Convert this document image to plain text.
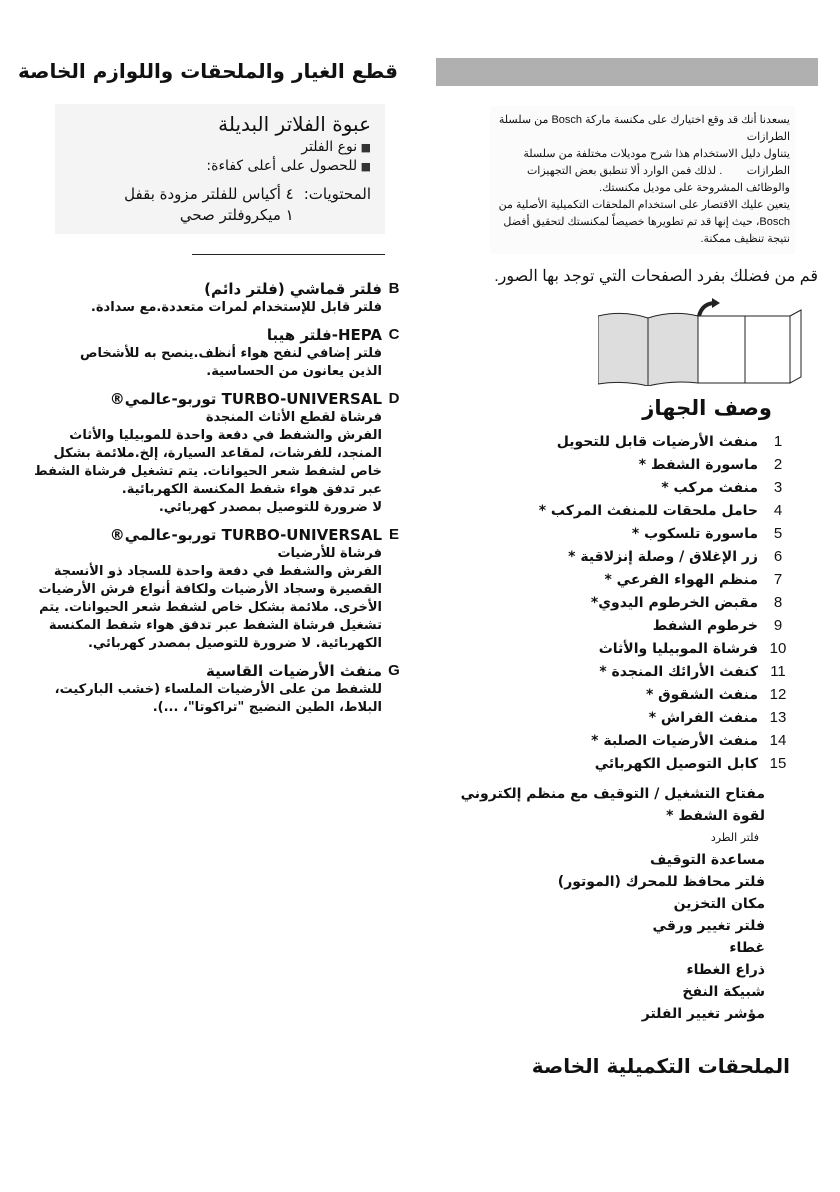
قطع الغيار والملحقات واللوازم الخاصة
عبوة الفلاتر البديلة
■ نوع الفلتر
■ للحصول على أعلى كفاءة:
المحتويات:
٤ أكياس للفلتر مزودة بقفل
١ ميكروفلتر صحي
B
فلتر قماشي (فلتر دائم)
فلتر قابل للإستخدام لمرات متعددة.مع سدادة.
C
HEPA-فلتر هيبا
فلتر إضافي لنفح هواء أنظف.ينصح به للأشخاص
الذين يعانون من الحساسية.
D
TURBO-UNIVERSAL توربو-عالمي®
فرشاة لقطع الأثاث المنجدة
الفرش والشفط في دفعة واحدة للموبيليا والأثاث
المنجد، للفرشات، لمقاعد السيارة، إلخ.ملائمة بشكل
خاص لشفط شعر الحيوانات. يتم تشغيل فرشاة الشفط
عبر تدفق هواء شفط المكنسة الكهربائية.
لا ضرورة للتوصيل بمصدر كهربائي.
E
TURBO-UNIVERSAL توربو-عالمي®
فرشاة للأرضيات
الفرش والشفط في دفعة واحدة للسجاد ذو الأنسجة
القصيرة وسجاد الأرضيات ولكافة أنواع فرش الأرضيات
الأخرى. ملائمة بشكل خاص لشفط شعر الحيوانات. يتم
تشغيل فرشاة الشفط عبر تدفق هواء شفط المكنسة
الكهربائية. لا ضرورة للتوصيل بمصدر كهربائي.
G
منفث الأرضيات القاسية
للشفط من على الأرضيات الملساء (خشب الباركيت،
البلاط، الطين النضيج "تراكوتا"، ...).
يسعدنا أنك قد وقع اختيارك على مكنسة ماركة Bosch من سلسلة
الطرازات
يتناول دليل الاستخدام هذا شرح موديلات مختلفة من سلسلة
الطرازات        . لذلك فمن الوارد ألا تنطبق بعض التجهيزات
والوظائف المشروحة على موديل مكنستك.
يتعين عليك الاقتصار على استخدام الملحقات التكميلية الأصلية من
Bosch، حيث إنها قد تم تطويرها خصيصاً لمكنستك لتحقيق أفضل
نتيجة تنظيف ممكنة.
قم من فضلك بفرد الصفحات التي توجد بها الصور.
وصف الجهاز
1
منفث الأرضيات قابل للتحويل
2
ماسورة الشفط *
3
منفث مركب *
4
حامل ملحقات للمنفث المركب *
5
ماسورة تلسكوب *
6
زر الإغلاق / وصلة إنزلاقية *
7
منظم الهواء الفرعي *
8
مقبض الخرطوم اليدوي*
9
خرطوم الشفط
10
فرشاة الموبيليا والأثاث
11
كنفث الأرائك المنجدة *
12
منفث الشقوق *
13
منفث الفراش *
14
منفث الأرضيات الصلبة *
15
كابل التوصيل الكهربائي
مفتاح التشغيل / التوقيف مع منظم إلكتروني
لقوة الشفط *
فلتر الطرد
مساعدة التوقيف
فلتر محافظ للمحرك (الموتور)
مكان التخزين
فلتر تغيير ورقي
غطاء
ذراع الغطاء
شبيكة النفخ
مؤشر تغيير الفلتر
الملحقات التكميلية الخاصة
